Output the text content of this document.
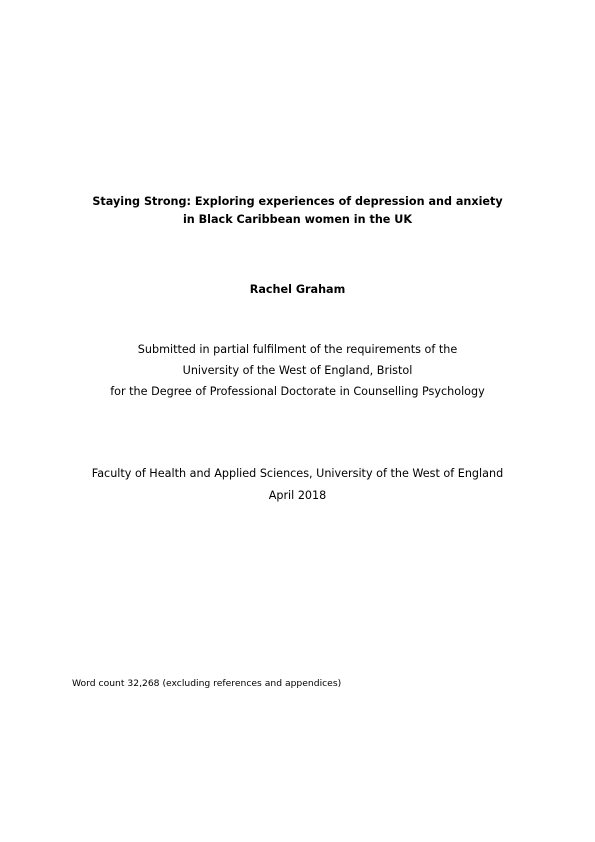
Staying Strong: Exploring experiences of depression and anxiety
in Black Caribbean women in the UK
Rachel Graham
Submitted in partial fulfilment of the requirements of the
University of the West of England, Bristol
for the Degree of Professional Doctorate in Counselling Psychology
Faculty of Health and Applied Sciences, University of the West of England
April 2018
Word count 32,268 (excluding references and appendices)
